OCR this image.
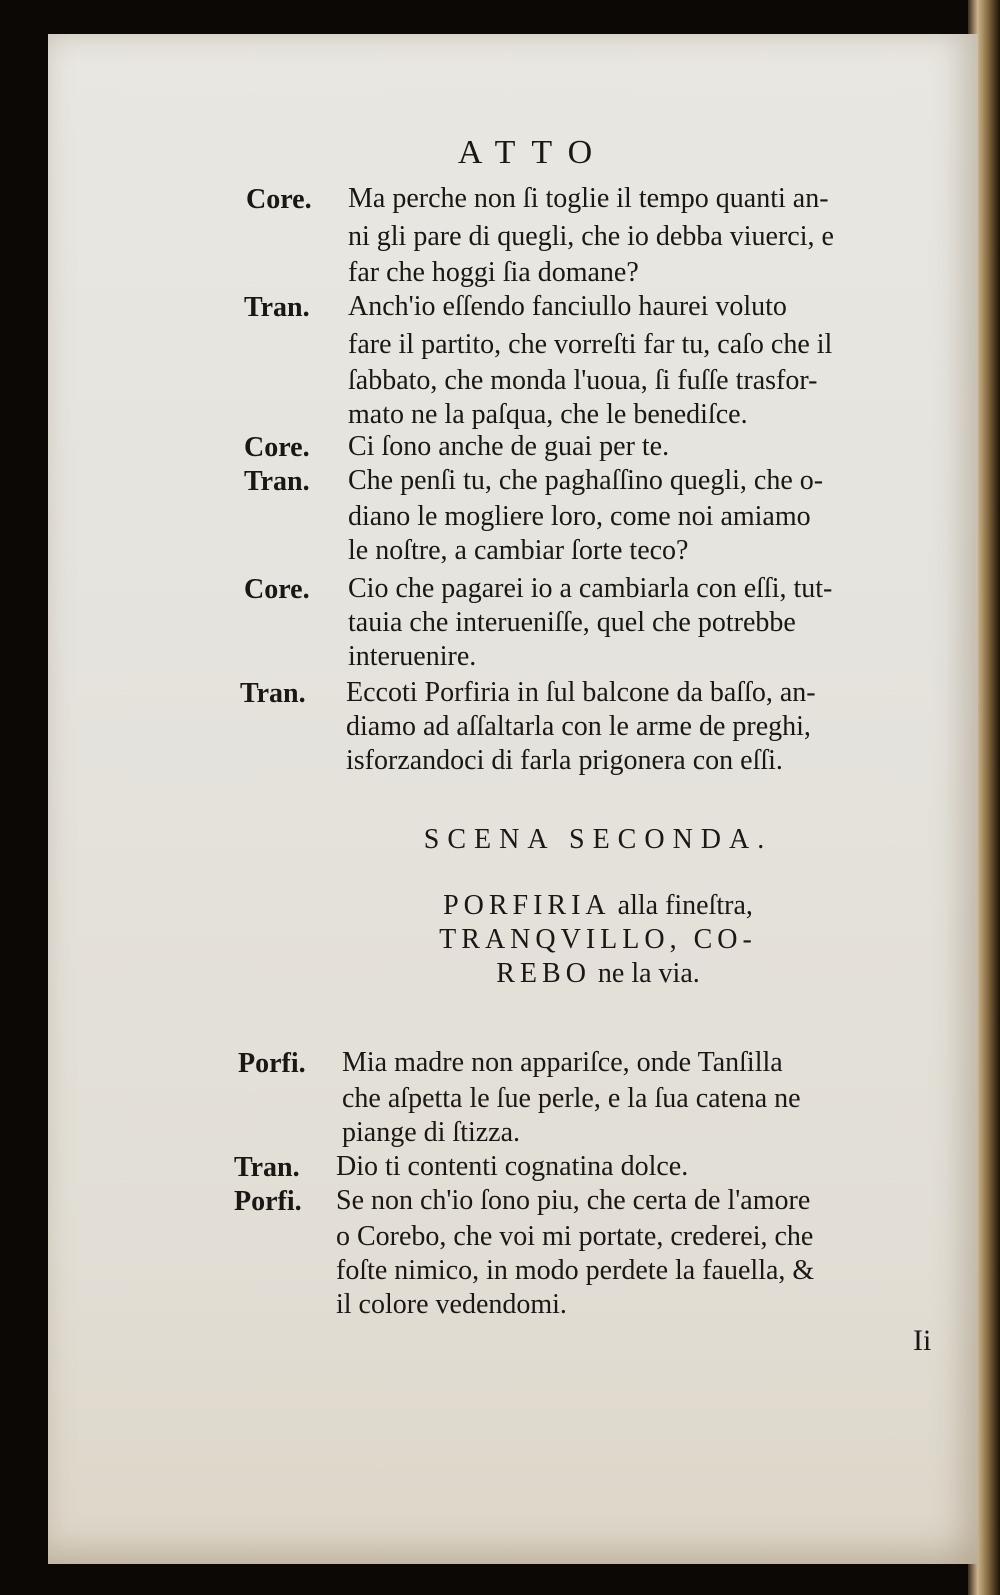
ATTO
Core. Ma perche non ſi toglie il tempo quanti an-
ni gli pare di quegli, che io debba viuerci, e
far che hoggi ſia domane?
Tran. Anch'io eſſendo fanciullo haurei voluto
fare il partito, che vorreſti far tu, caſo che il
ſabbato, che monda l'uoua, ſi fuſſe trasfor-
mato ne la paſqua, che le benediſce.
Core. Ci ſono anche de guai per te.
Tran. Che penſi tu, che paghaſſino quegli, che o-
diano le mogliere loro, come noi amiamo
le noſtre, a cambiar ſorte teco?
Core. Cio che pagarei io a cambiarla con eſſi, tut-
tauia che interueniſſe, quel che potrebbe
interuenire.
Tran. Eccoti Porfiria in ſul balcone da baſſo, an-
diamo ad aſſaltarla con le arme de preghi,
isforzandoci di farla prigonera con eſſi.
SCENA SECONDA.
PORFIRIA alla fineſtra,
TRANQVILLO, CO-
REBO ne la via.
Porfi. Mia madre non appariſce, onde Tanſilla
che aſpetta le ſue perle, e la ſua catena ne
piange di ſtizza.
Tran. Dio ti contenti cognatina dolce.
Porfi. Se non ch'io ſono piu, che certa de l'amore
o Corebo, che voi mi portate, crederei, che
foſte nimico, in modo perdete la fauella, &
il colore vedendomi.
Ii
